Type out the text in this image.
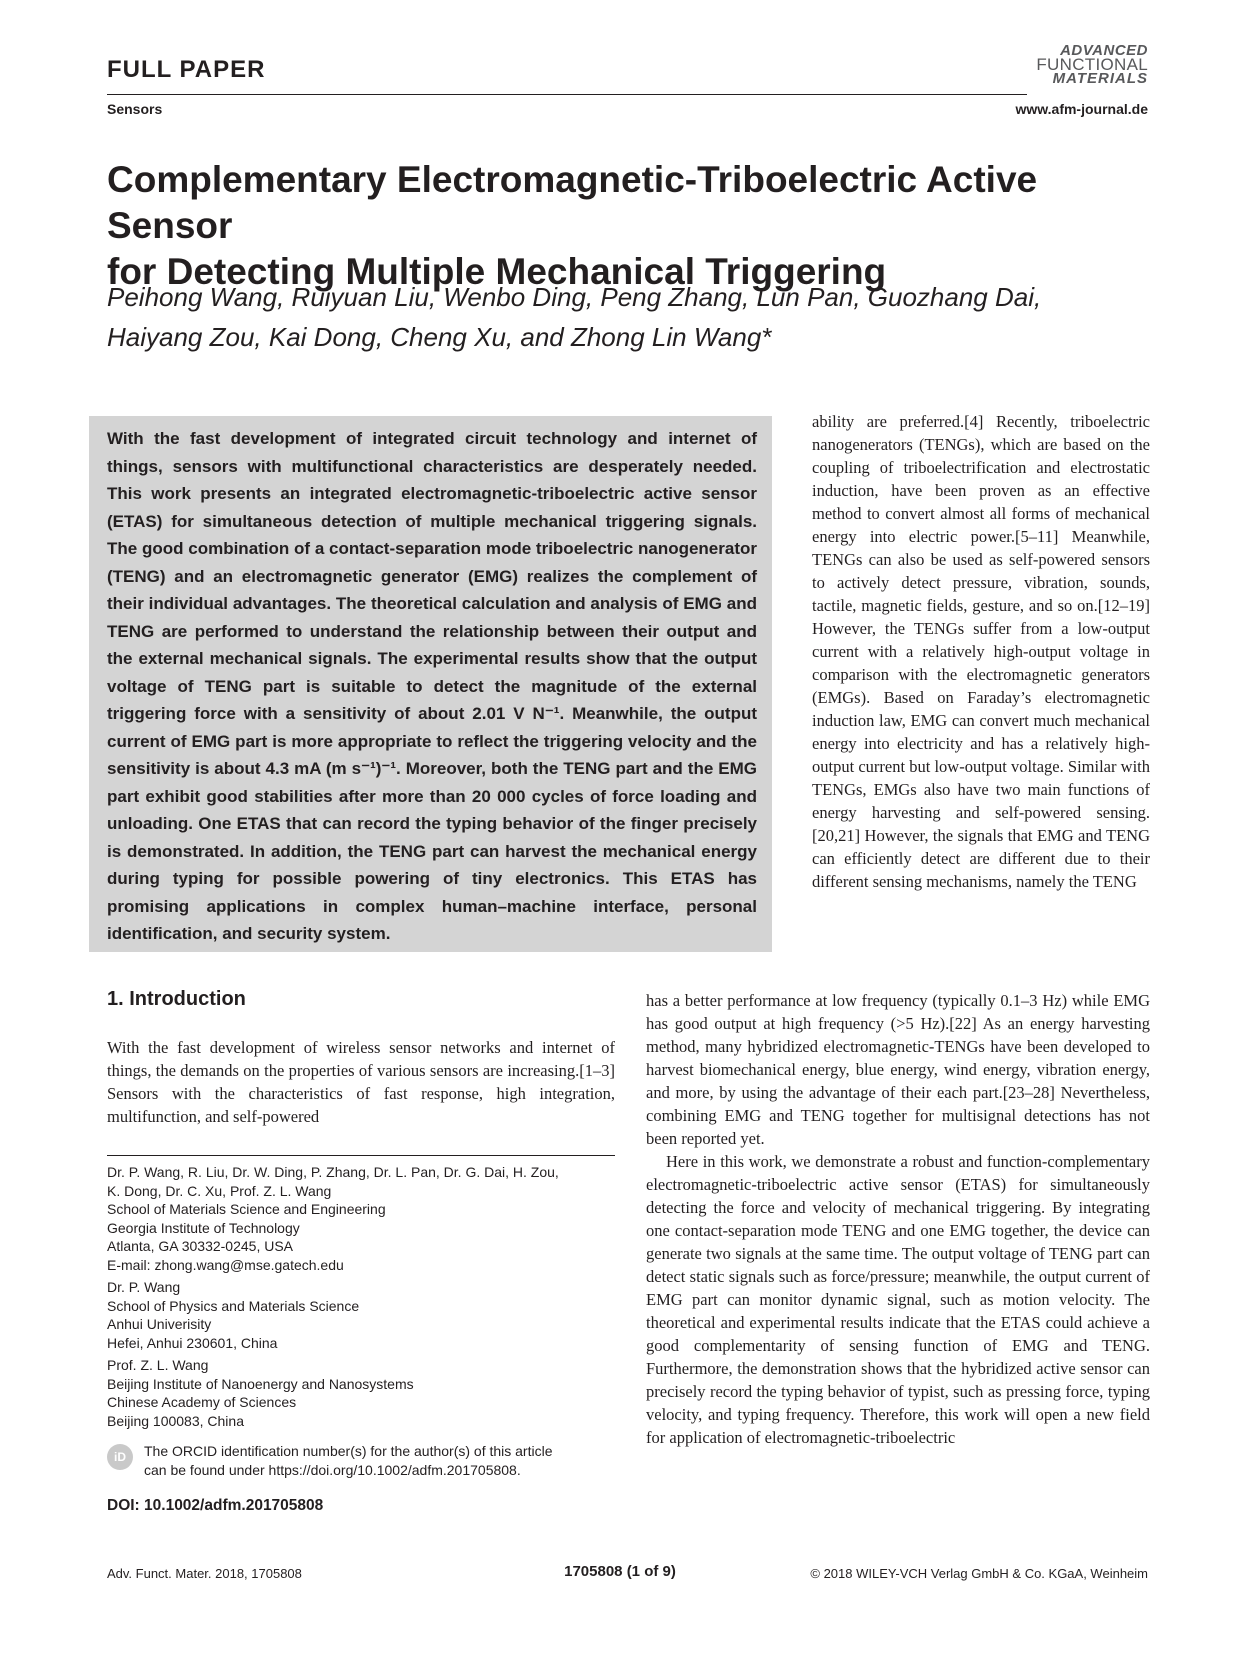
FULL PAPER
Sensors
ADVANCED
FUNCTIONAL
MATERIALS
www.afm-journal.de
Complementary Electromagnetic-Triboelectric Active Sensor
for Detecting Multiple Mechanical Triggering
Peihong Wang, Ruiyuan Liu, Wenbo Ding, Peng Zhang, Lun Pan, Guozhang Dai,
Haiyang Zou, Kai Dong, Cheng Xu, and Zhong Lin Wang*
With the fast development of integrated circuit technology and internet of things, sensors with multifunctional characteristics are desperately needed. This work presents an integrated electromagnetic-triboelectric active sensor (ETAS) for simultaneous detection of multiple mechanical triggering signals. The good combination of a contact-separation mode triboelectric nanogenerator (TENG) and an electromagnetic generator (EMG) realizes the complement of their individual advantages. The theoretical calculation and analysis of EMG and TENG are performed to understand the relationship between their output and the external mechanical signals. The experimental results show that the output voltage of TENG part is suitable to detect the magnitude of the external triggering force with a sensitivity of about 2.01 V N⁻¹. Meanwhile, the output current of EMG part is more appropriate to reflect the triggering velocity and the sensitivity is about 4.3 mA (m s⁻¹)⁻¹. Moreover, both the TENG part and the EMG part exhibit good stabilities after more than 20 000 cycles of force loading and unloading. One ETAS that can record the typing behavior of the finger precisely is demonstrated. In addition, the TENG part can harvest the mechanical energy during typing for possible powering of tiny electronics. This ETAS has promising applications in complex human–machine interface, personal identification, and security system.
ability are preferred.[4] Recently, triboelectric nanogenerators (TENGs), which are based on the coupling of triboelectrification and electrostatic induction, have been proven as an effective method to convert almost all forms of mechanical energy into electric power.[5–11] Meanwhile, TENGs can also be used as self-powered sensors to actively detect pressure, vibration, sounds, tactile, magnetic fields, gesture, and so on.[12–19] However, the TENGs suffer from a low-output current with a relatively high-output voltage in comparison with the electromagnetic generators (EMGs). Based on Faraday’s electromagnetic induction law, EMG can convert much mechanical energy into electricity and has a relatively high-output current but low-output voltage. Similar with TENGs, EMGs also have two main functions of energy harvesting and self-powered sensing.[20,21] However, the signals that EMG and TENG can efficiently detect are different due to their different sensing mechanisms, namely the TENG
1. Introduction
With the fast development of wireless sensor networks and internet of things, the demands on the properties of various sensors are increasing.[1–3] Sensors with the characteristics of fast response, high integration, multifunction, and self-powered

has a better performance at low frequency (typically 0.1–3 Hz) while EMG has good output at high frequency (>5 Hz).[22] As an energy harvesting method, many hybridized electromagnetic-TENGs have been developed to harvest biomechanical energy, blue energy, wind energy, vibration energy, and more, by using the advantage of their each part.[23–28] Nevertheless, combining EMG and TENG together for multisignal detections has not been reported yet.

Here in this work, we demonstrate a robust and function-complementary electromagnetic-triboelectric active sensor (ETAS) for simultaneously detecting the force and velocity of mechanical triggering. By integrating one contact-separation mode TENG and one EMG together, the device can generate two signals at the same time. The output voltage of TENG part can detect static signals such as force/pressure; meanwhile, the output current of EMG part can monitor dynamic signal, such as motion velocity. The theoretical and experimental results indicate that the ETAS could achieve a good complementarity of sensing function of EMG and TENG. Furthermore, the demonstration shows that the hybridized active sensor can precisely record the typing behavior of typist, such as pressing force, typing velocity, and typing frequency. Therefore, this work will open a new field for application of electromagnetic-triboelectric

Dr. P. Wang, R. Liu, Dr. W. Ding, P. Zhang, Dr. L. Pan, Dr. G. Dai, H. Zou,
K. Dong, Dr. C. Xu, Prof. Z. L. Wang
School of Materials Science and Engineering
Georgia Institute of Technology
Atlanta, GA 30332-0245, USA
E-mail: zhong.wang@mse.gatech.edu
Dr. P. Wang
School of Physics and Materials Science
Anhui Univerisity
Hefei, Anhui 230601, China
Prof. Z. L. Wang
Beijing Institute of Nanoenergy and Nanosystems
Chinese Academy of Sciences
Beijing 100083, China
iD	The ORCID identification number(s) for the author(s) of this article
can be found under https://doi.org/10.1002/adfm.201705808.
DOI: 10.1002/adfm.201705808
Adv. Funct. Mater. 2018, 1705808	1705808 (1 of 9)	© 2018 WILEY-VCH Verlag GmbH & Co. KGaA, Weinheim
